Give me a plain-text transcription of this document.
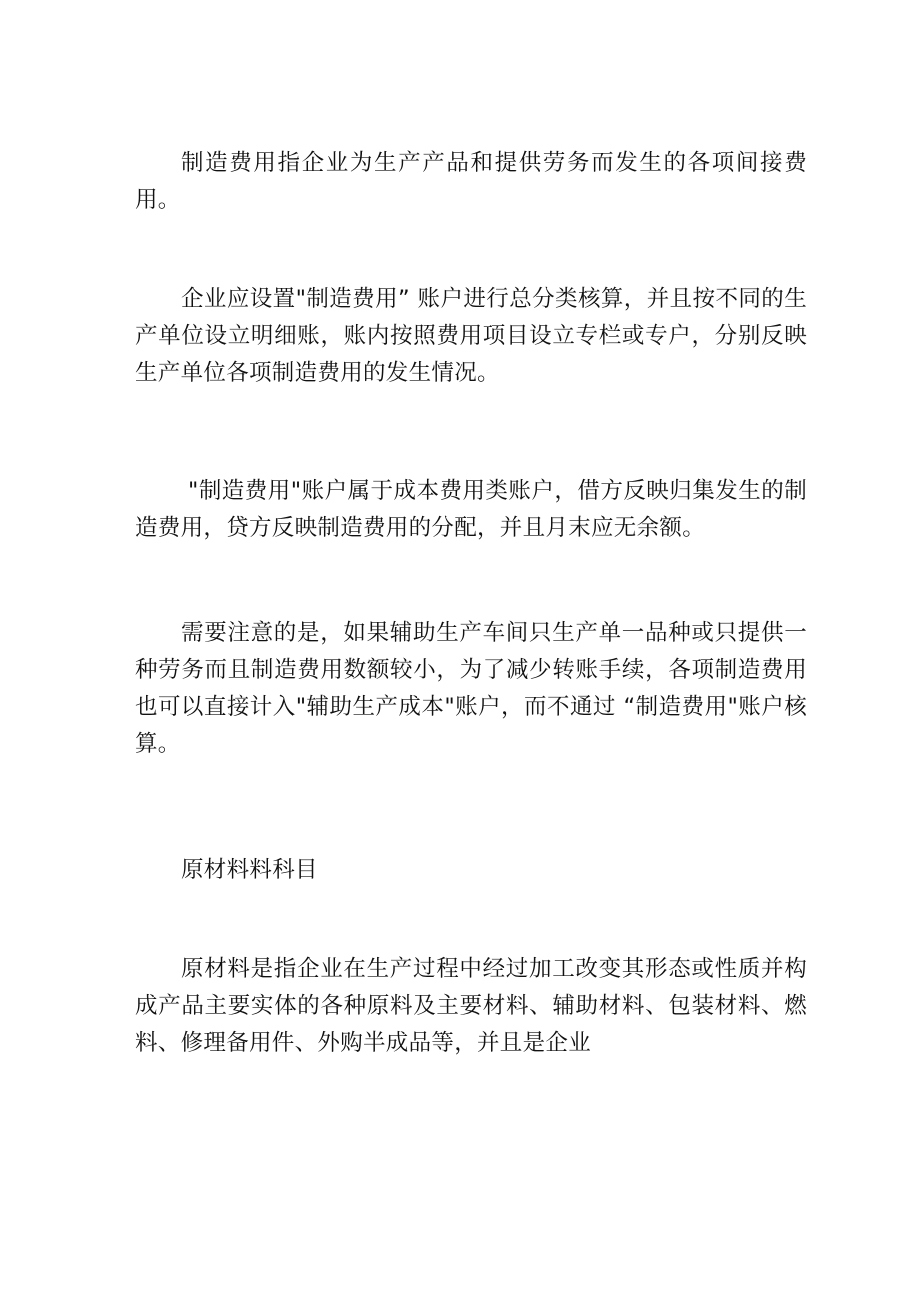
制造费用指企业为生产产品和提供劳务而发生的各项间接费用。

企业应设置"制造费用” 账户进行总分类核算，并且按不同的生产单位设立明细账，账内按照费用项目设立专栏或专户，分别反映生产单位各项制造费用的发生情况。

"制造费用"账户属于成本费用类账户，借方反映归集发生的制造费用，贷方反映制造费用的分配，并且月末应无余额。

需要注意的是，如果辅助生产车间只生产单一品种或只提供一种劳务而且制造费用数额较小，为了减少转账手续，各项制造费用也可以直接计入"辅助生产成本"账户，而不通过 “制造费用"账户核算。

原材料料科目

原材料是指企业在生产过程中经过加工改变其形态或性质并构成产品主要实体的各种原料及主要材料、辅助材料、包装材料、燃料、修理备用件、外购半成品等，并且是企业
